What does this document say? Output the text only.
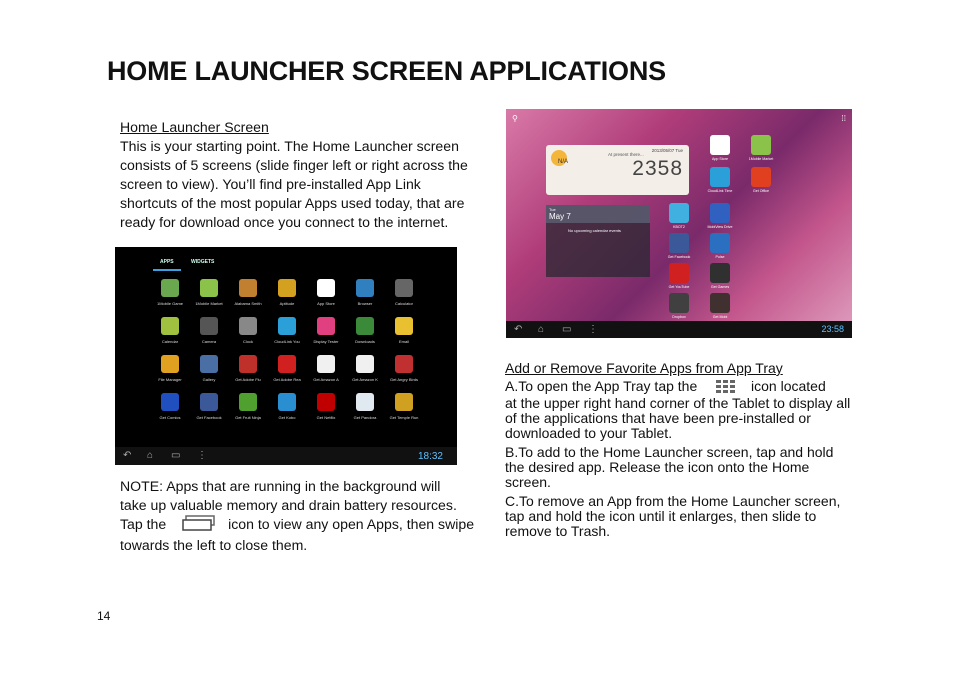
HOME LAUNCHER SCREEN APPLICATIONS
Home Launcher Screen
This is your starting point. The Home Launcher screen
consists of 5 screens (slide finger left or right across the
screen to view). You’ll find pre-installed App Link
shortcuts of the most popular Apps used today, that are
ready for download once you connect to the internet.
APPS	WIDGETS
1Mobile Game	1Mobile Market	Alabama Smith	Aptitude	App Store	Browser	Calculator
Calendar	Camera	Clock	CloudLink You	Display Tester	Downloads	Email
File Manager	Gallery	Get Adobe Flu	Get Adobe Rea	Get Amazon A	Get Amazon K	Get Angry Birds
Get Comics	Get Facebook	Get Fruit Ninja	Get Kobo	Get Netflix	Get Pandora	Get Temple Run
↶ ⌂ ▭ ⋮	18:32
NOTE: Apps that are running in the background will
take up valuable memory and drain battery resources.
Tap the	icon to view any open Apps, then swipe
towards the left to close them.
⚲	⁞⁞
N/A
At present there...
2013/05/07 Tue
2358
Tue
May 7
No upcoming calendar events
App Store	1Mobile Market
CloudLink Time	Get Office
KBOT2	MobiView Drive
Get Facebook	Pulse
Get YouTube	Get Games
Dropbox	Get Mobi
↶ ⌂ ▭ ⋮	23:58
Add or Remove Favorite Apps from App Tray
A.To open the App Tray tap the	icon located
at the upper right hand corner of the Tablet to display all of the applications that have been pre-installed or downloaded to your Tablet.
B.To add to the Home Launcher screen, tap and hold the desired app. Release the icon onto the Home screen.
C.To remove an App from the Home Launcher screen, tap and hold the icon until it enlarges, then slide to remove to Trash.
14
